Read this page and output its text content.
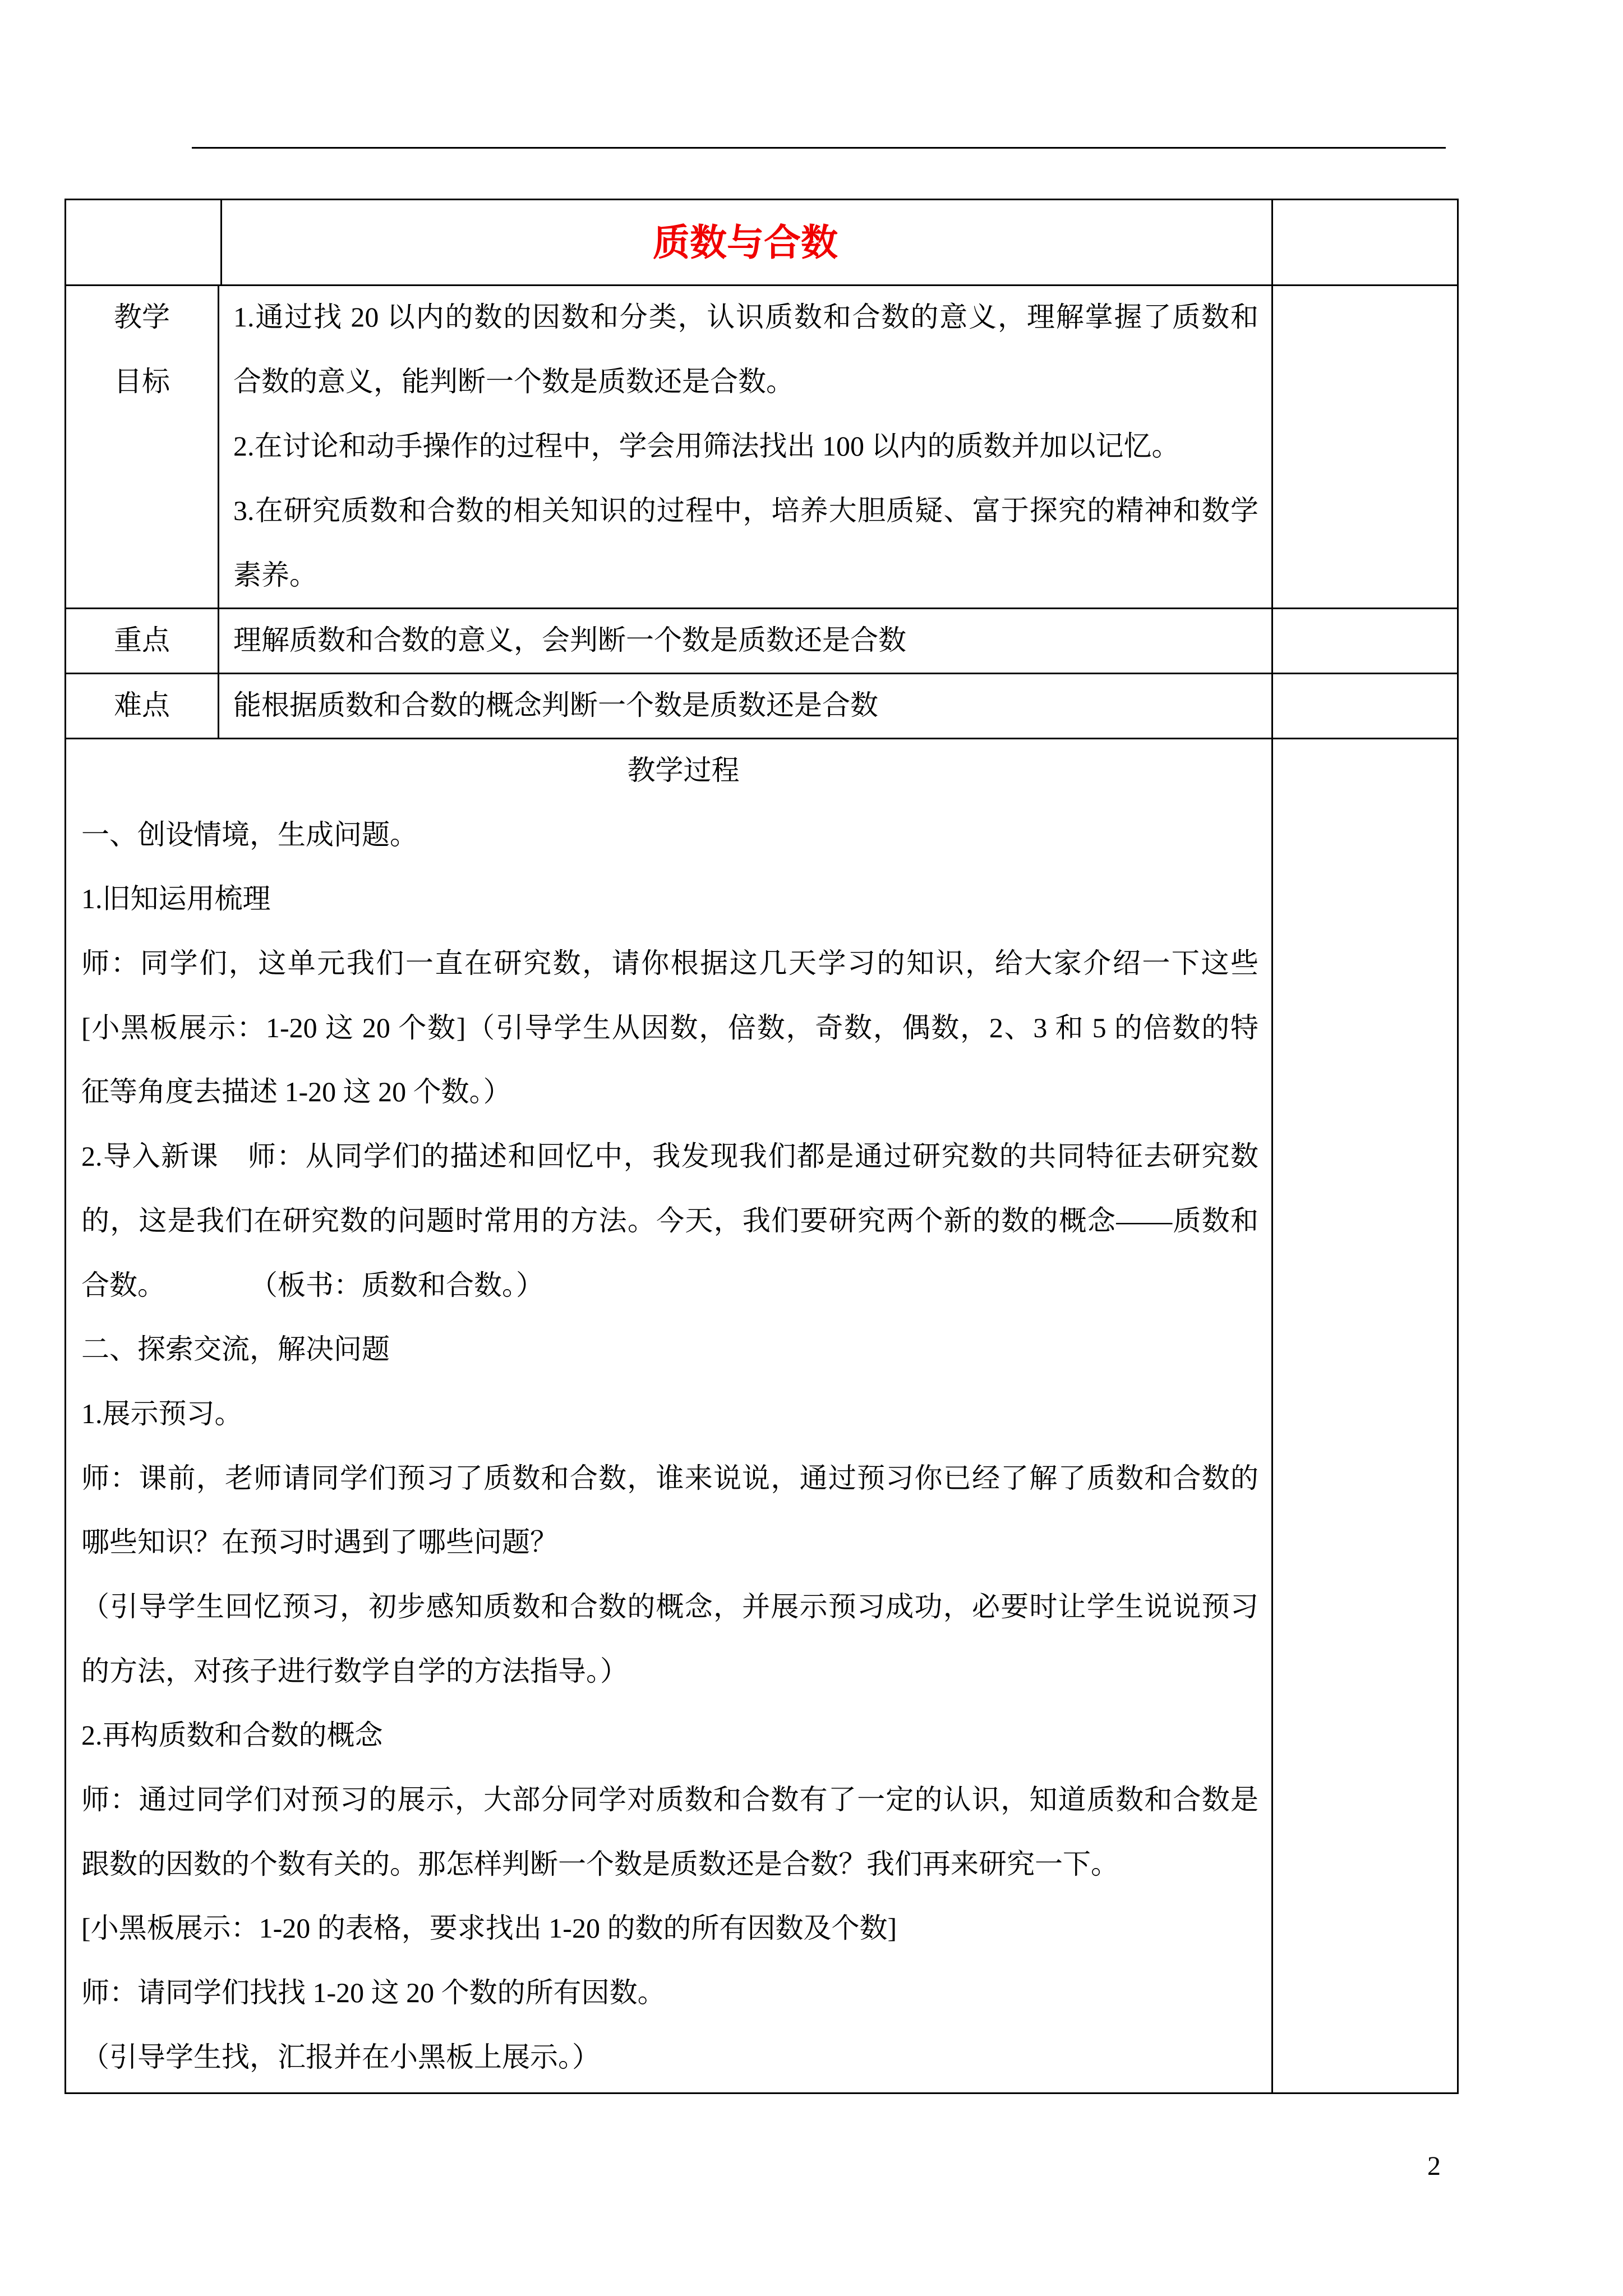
质数与合数
教学
目标
1.通过找 20 以内的数的因数和分类，认识质数和合数的意义，理解掌握了质数和
合数的意义，能判断一个数是质数还是合数。
2.在讨论和动手操作的过程中，学会用筛法找出 100 以内的质数并加以记忆。
3.在研究质数和合数的相关知识的过程中，培养大胆质疑、富于探究的精神和数学
素养。
重点	理解质数和合数的意义，会判断一个数是质数还是合数
难点	能根据质数和合数的概念判断一个数是质数还是合数
教学过程
一、创设情境，生成问题。
1.旧知运用梳理
师：同学们，这单元我们一直在研究数，请你根据这几天学习的知识，给大家介绍一下这些
[小黑板展示：1-20 这 20 个数]（引导学生从因数，倍数，奇数，偶数，2、3 和 5 的倍数的特
征等角度去描述 1-20 这 20 个数。）
2.导入新课　师：从同学们的描述和回忆中，我发现我们都是通过研究数的共同特征去研究数
的，这是我们在研究数的问题时常用的方法。今天，我们要研究两个新的数的概念——质数和
合数。　　　　（板书：质数和合数。）
二、探索交流，解决问题
1.展示预习。
师：课前，老师请同学们预习了质数和合数，谁来说说，通过预习你已经了解了质数和合数的
哪些知识？在预习时遇到了哪些问题？
（引导学生回忆预习，初步感知质数和合数的概念，并展示预习成功，必要时让学生说说预习
的方法，对孩子进行数学自学的方法指导。）
2.再构质数和合数的概念
师：通过同学们对预习的展示，大部分同学对质数和合数有了一定的认识，知道质数和合数是
跟数的因数的个数有关的。那怎样判断一个数是质数还是合数？我们再来研究一下。
[小黑板展示：1-20 的表格，要求找出 1-20 的数的所有因数及个数]
师：请同学们找找 1-20 这 20 个数的所有因数。
（引导学生找，汇报并在小黑板上展示。）
2
